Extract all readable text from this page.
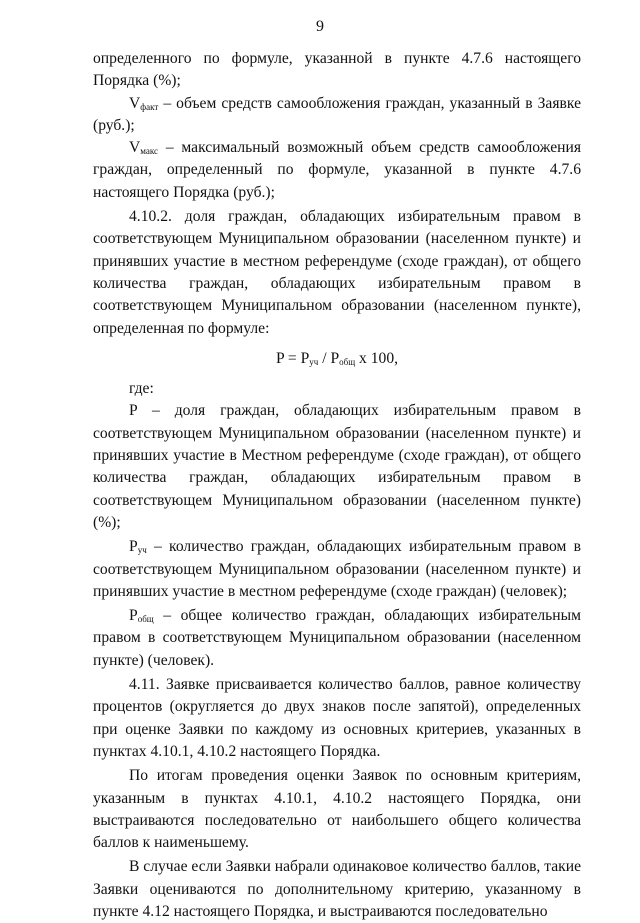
9

определенного по формуле, указанной в пункте 4.7.6 настоящего Порядка (%);

$V_{факт}$ – объем средств самообложения граждан, указанный в Заявке (руб.);

$V_{макс}$ – максимальный возможный объем средств самообложения граждан, определенный по формуле, указанной в пункте 4.7.6 настоящего Порядка (руб.);

4.10.2. доля граждан, обладающих избирательным правом в соответствующем Муниципальном образовании (населенном пункте) и принявших участие в местном референдуме (сходе граждан), от общего количества граждан, обладающих избирательным правом в соответствующем Муниципальном образовании (населенном пункте), определенная по формуле:

$P = P_{уч} / P_{общ}$ x 100,

где:

P – доля граждан, обладающих избирательным правом в соответствующем Муниципальном образовании (населенном пункте) и принявших участие в Местном референдуме (сходе граждан), от общего количества граждан, обладающих избирательным правом в соответствующем Муниципальном образовании (населенном пункте) (%);

$P_{уч}$ – количество граждан, обладающих избирательным правом в соответствующем Муниципальном образовании (населенном пункте) и принявших участие в местном референдуме (сходе граждан) (человек);

$P_{общ}$ – общее количество граждан, обладающих избирательным правом в соответствующем Муниципальном образовании (населенном пункте) (человек).

4.11. Заявке присваивается количество баллов, равное количеству процентов (округляется до двух знаков после запятой), определенных при оценке Заявки по каждому из основных критериев, указанных в пунктах 4.10.1, 4.10.2 настоящего Порядка.

По итогам проведения оценки Заявок по основным критериям, указанным в пунктах 4.10.1, 4.10.2 настоящего Порядка, они выстраиваются последовательно от наибольшего общего количества баллов к наименьшему.

В случае если Заявки набрали одинаковое количество баллов, такие Заявки оцениваются по дополнительному критерию, указанному в пункте 4.12 настоящего Порядка, и выстраиваются последовательно
